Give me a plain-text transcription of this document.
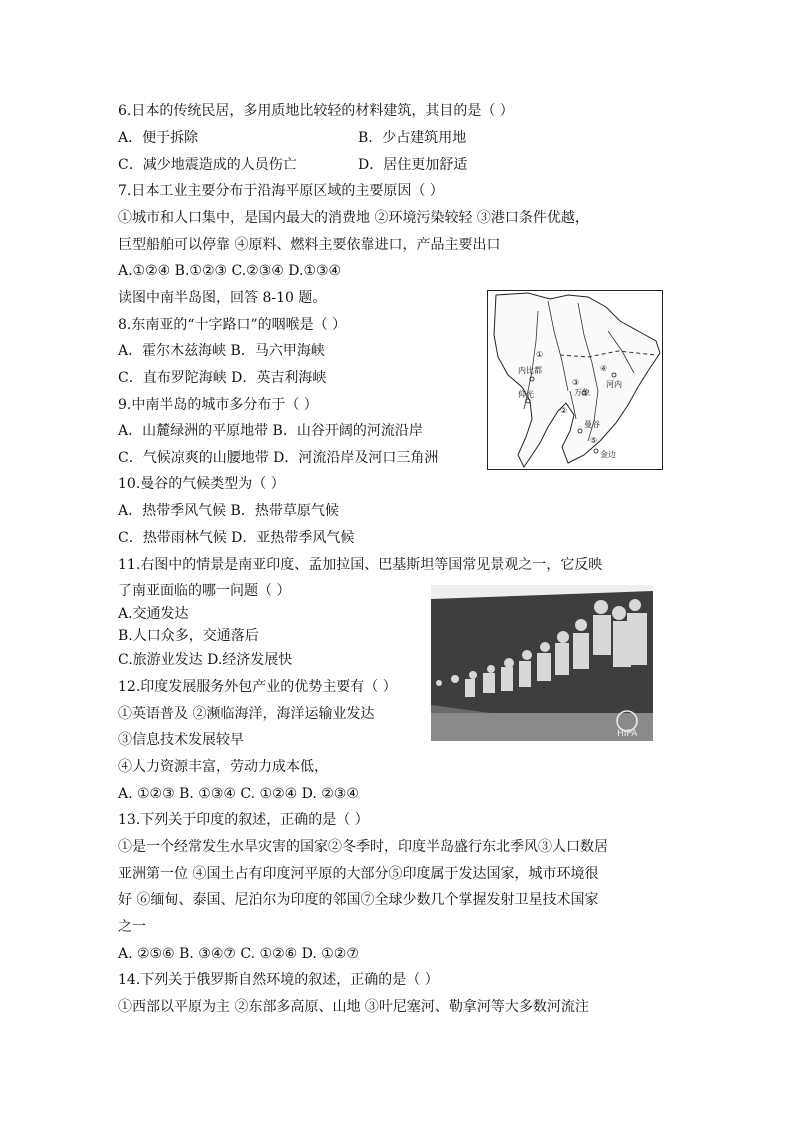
6.日本的传统民居，多用质地比较轻的材料建筑，其目的是（ ）
A．便于拆除	B．少占建筑用地
C．减少地震造成的人员伤亡	D．居住更加舒适
7.日本工业主要分布于沿海平原区域的主要原因（ ）
①城市和人口集中，是国内最大的消费地 ②环境污染较轻 ③港口条件优越，
巨型船舶可以停靠 ④原料、燃料主要依靠进口，产品主要出口
A.①②④ B.①②③ C.②③④ D.①③④
读图中南半岛图，回答 8-10 题。
8.东南亚的“十字路口”的咽喉是（ ）
A．霍尔木兹海峡 B．马六甲海峡
C．直布罗陀海峡 D．英吉利海峡
9.中南半岛的城市多分布于（ ）
A．山麓绿洲的平原地带 B．山谷开阔的河流沿岸
C．气候凉爽的山腰地带 D．河流沿岸及河口三角洲
10.曼谷的气候类型为（ ）
A．热带季风气候 B．热带草原气候
C．热带雨林气候 D．亚热带季风气候
11.右图中的情景是南亚印度、孟加拉国、巴基斯坦等国常见景观之一，它反映
了南亚面临的哪一问题（ ）
A.交通发达
B.人口众多，交通落后
C.旅游业发达 D.经济发展快
12.印度发展服务外包产业的优势主要有（ ）
①英语普及 ②濒临海洋，海洋运输业发达
③信息技术发展较早
④人力资源丰富，劳动力成本低，
A. ①②③ B. ①③④ C. ①②④ D. ②③④
13.下列关于印度的叙述，正确的是（ ）
①是一个经常发生水旱灾害的国家②冬季时，印度半岛盛行东北季风③人口数居
亚洲第一位 ④国土占有印度河平原的大部分⑤印度属于发达国家，城市环境很
好 ⑥缅甸、泰国、尼泊尔为印度的邻国⑦全球少数几个掌握发射卫星技术国家
之一
A. ②⑤⑥ B. ③④⑦ C. ①②⑥ D. ①②⑦
14.下列关于俄罗斯自然环境的叙述，正确的是（ ）
①西部以平原为主 ②东部多高原、山地 ③叶尼塞河、勒拿河等大多数河流注
①
②
③
④
⑤
内比都
仰光	万象
河内
曼谷
金边
HIPA
